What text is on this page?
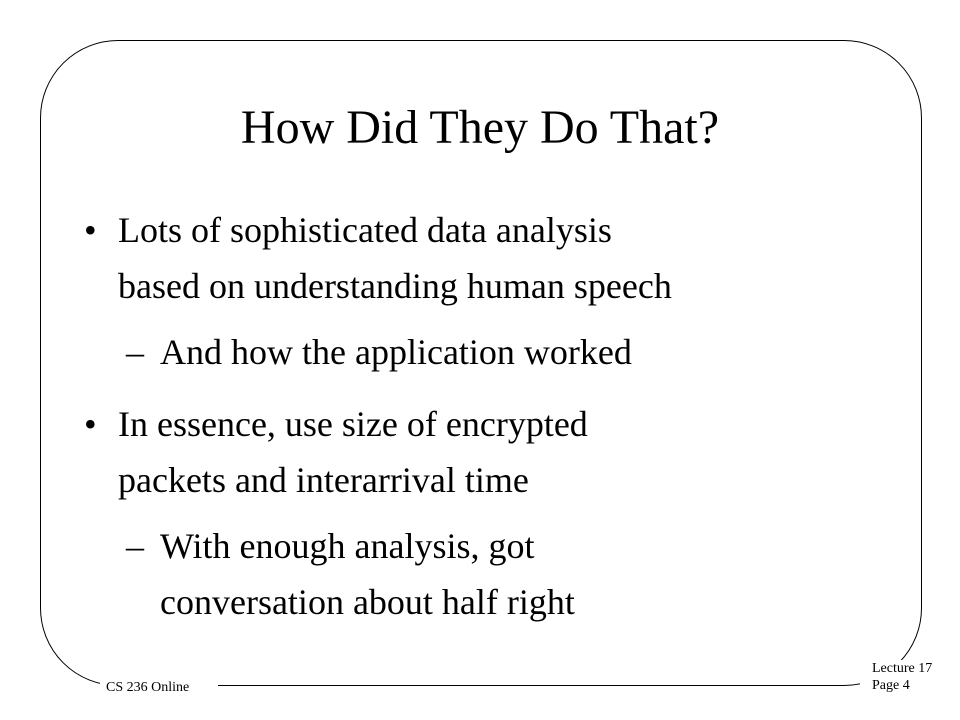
How Did They Do That?
• Lots of sophisticated data analysis
based on understanding human speech
– And how the application worked
• In essence, use size of encrypted
packets and interarrival time
– With enough analysis, got
conversation about half right
CS 236 Online
Lecture 17
Page 4
